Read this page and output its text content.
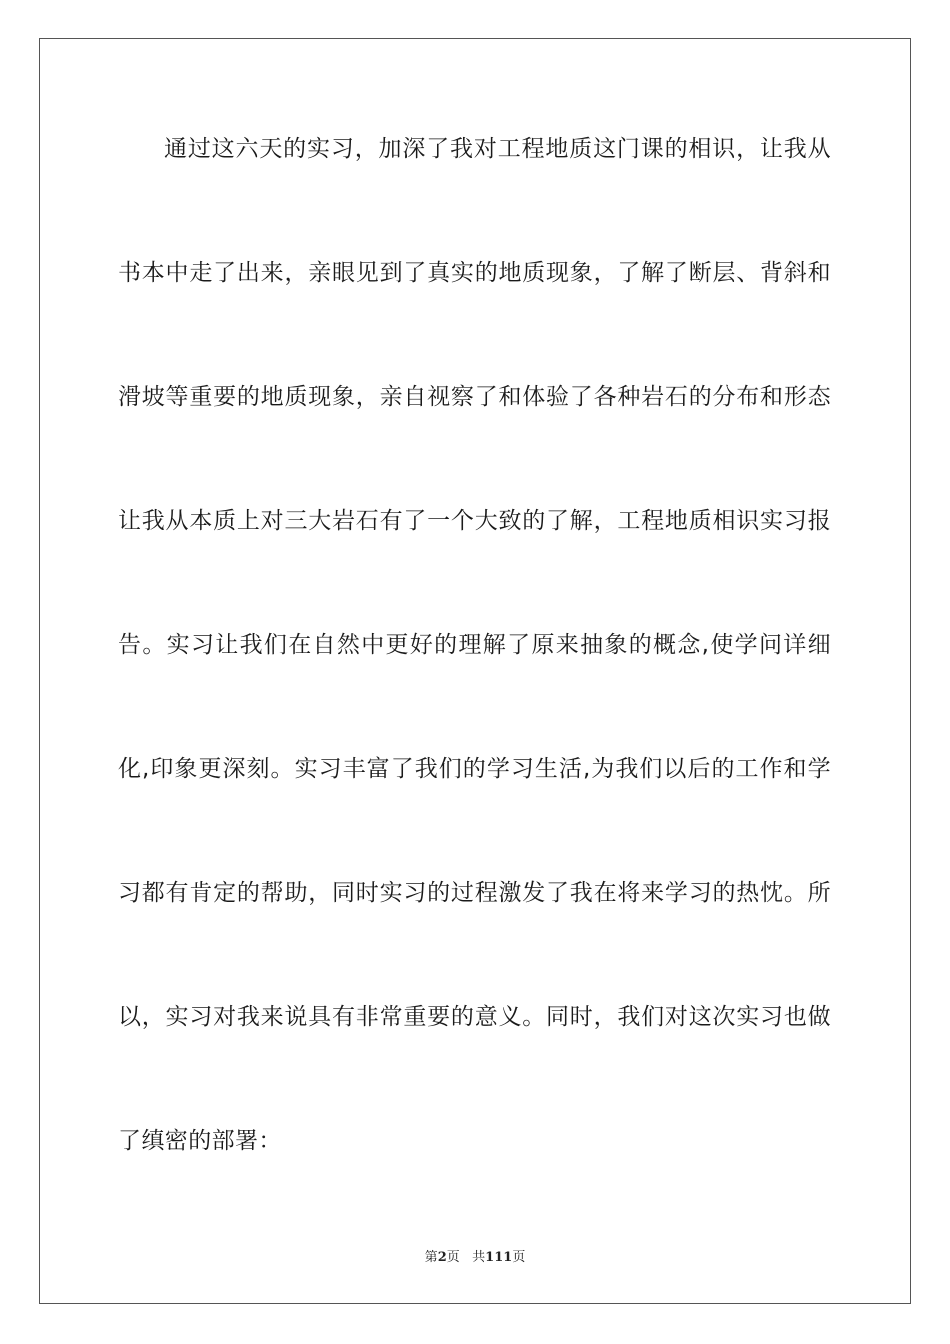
通过这六天的实习，加深了我对工程地质这门课的相识，让我从
书本中走了出来，亲眼见到了真实的地质现象，了解了断层、背斜和
滑坡等重要的地质现象，亲自视察了和体验了各种岩石的分布和形态
让我从本质上对三大岩石有了一个大致的了解，工程地质相识实习报
告。实习让我们在自然中更好的理解了原来抽象的概念,使学问详细
化,印象更深刻。实习丰富了我们的学习生活,为我们以后的工作和学
习都有肯定的帮助，同时实习的过程激发了我在将来学习的热忱。所
以，实习对我来说具有非常重要的意义。同时，我们对这次实习也做
了缜密的部署：
第2页 共111页
